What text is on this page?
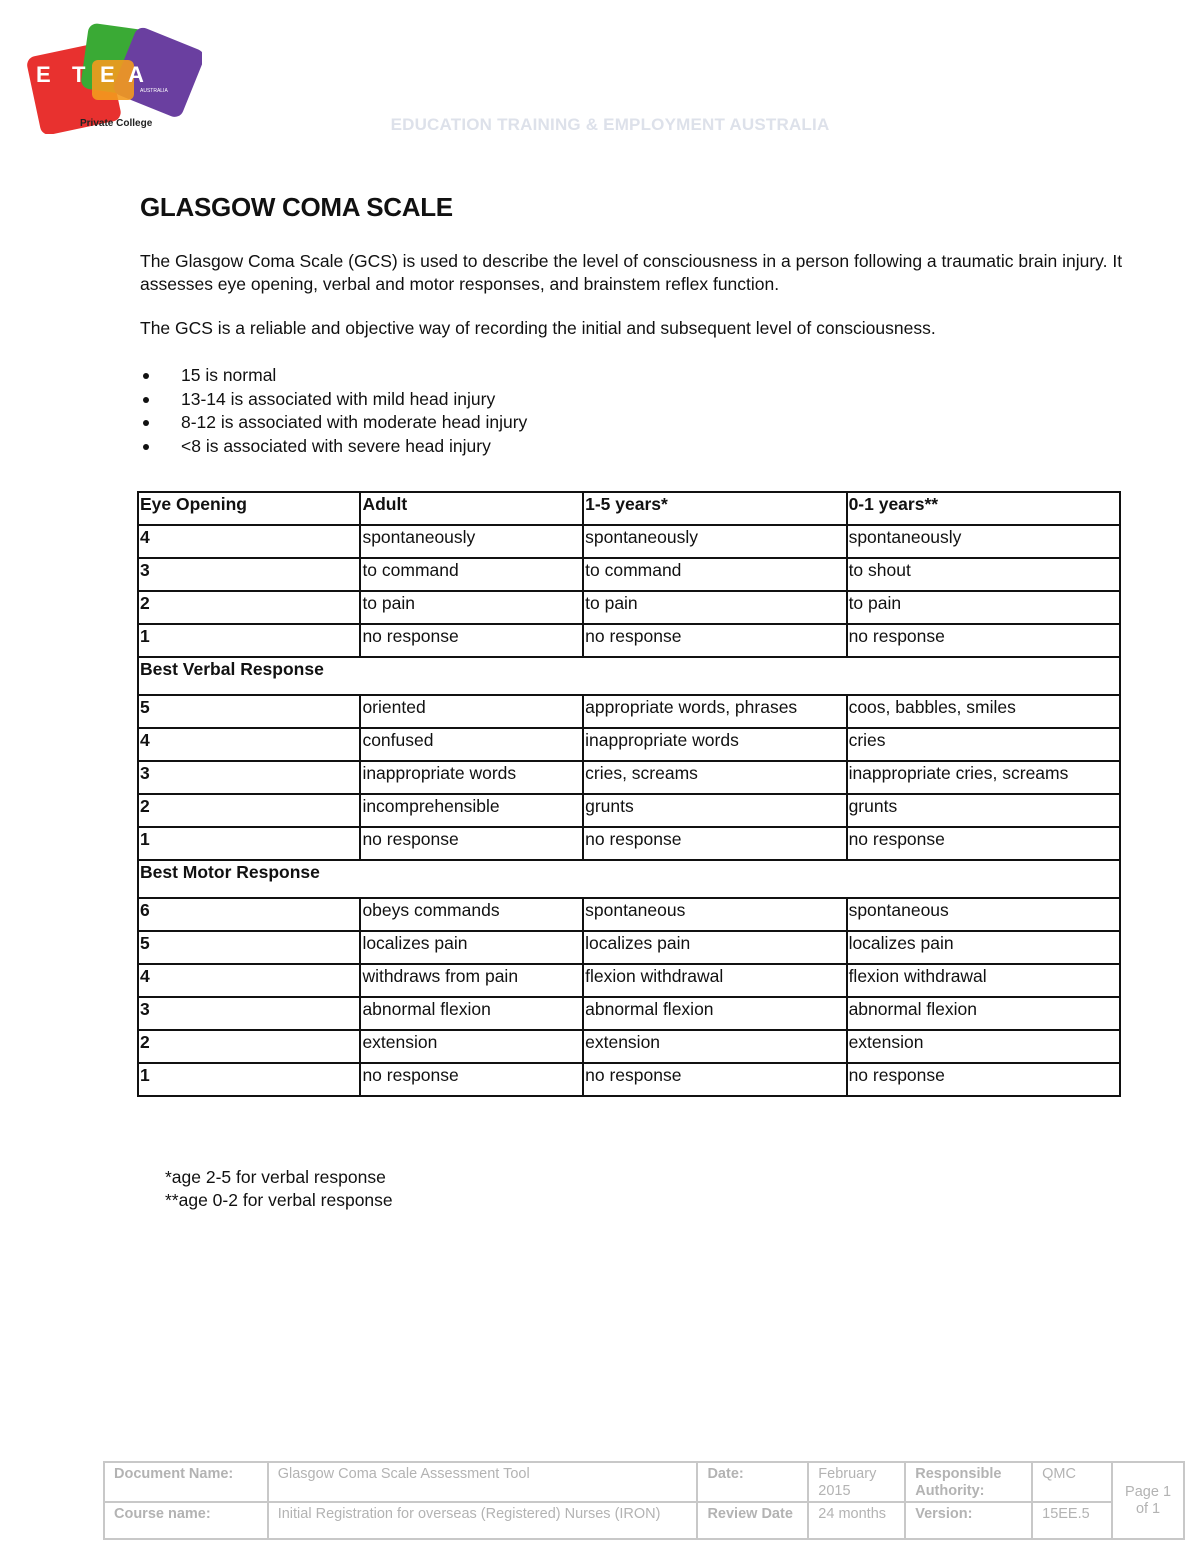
E T E A
AUSTRALIA
Private College	EDUCATION TRAINING & EMPLOYMENT AUSTRALIA
GLASGOW COMA SCALE

The Glasgow Coma Scale (GCS) is used to describe the level of consciousness in a person following a traumatic brain injury. It assesses eye opening, verbal and motor responses, and brainstem reflex function.

The GCS is a reliable and objective way of recording the initial and subsequent level of consciousness.

15 is normal
13-14 is associated with mild head injury
8-12 is associated with moderate head injury
<8 is associated with severe head injury
Eye Opening	Adult	1-5 years*	0-1 years**
4	spontaneously	spontaneously	spontaneously
3	to command	to command	to shout
2	to pain	to pain	to pain
1	no response	no response	no response
Best Verbal Response			
5	oriented	appropriate words, phrases	coos, babbles, smiles
4	confused	inappropriate words	cries
3	inappropriate words	cries, screams	inappropriate cries, screams
2	incomprehensible	grunts	grunts
1	no response	no response	no response
Best Motor Response			
6	obeys commands	spontaneous	spontaneous
5	localizes pain	localizes pain	localizes pain
4	withdraws from pain	flexion withdrawal	flexion withdrawal
3	abnormal flexion	abnormal flexion	abnormal flexion
2	extension	extension	extension
1	no response	no response	no response
*age 2-5 for verbal response
**age 0-2 for verbal response
Document Name:	Glasgow Coma Scale Assessment Tool	Date:	February 2015	Responsible Authority:	QMC	Page 1 of 1
Course name:	Initial Registration for overseas (Registered) Nurses (IRON)	Review Date	24 months	Version:	15EE.5	
